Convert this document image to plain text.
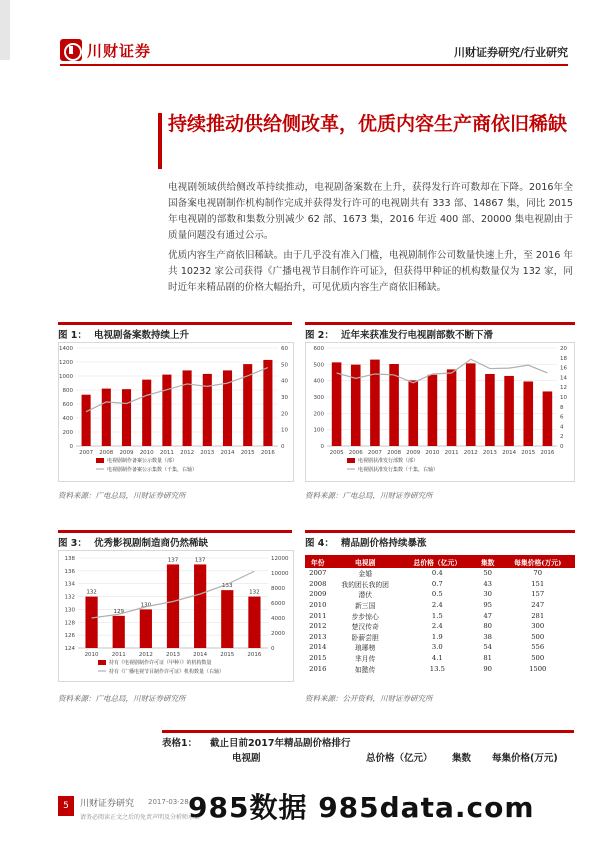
川财证券	川财证券研究/行业研究
持续推动供给侧改革，优质内容生产商依旧稀缺

电视剧领域供给侧改革持续推动，电视剧备案数在上升，获得发行许可数却在下降。2016年全国备案电视剧制作机构制作完成并获得发行许可的电视剧共有 333 部、14867 集，同比 2015 年电视剧的部数和集数分别减少 62 部、1673 集，2016 年近 400 部、20000 集电视剧由于质量问题没有通过公示。

优质内容生产商依旧稀缺。由于几乎没有准入门槛，电视剧制作公司数量快速上升，至 2016 年共 10232 家公司获得《广播电视节目制作许可证》，但获得甲种证的机构数量仅为 132 家，同时近年来精品剧的价格大幅抬升，可见优质内容生产商依旧稀缺。

图 1： 电视剧备案数持续上升
0
200
400
600
800
1000
1200
1400
0
10
20
30
40
50
60
2007 2008 2009 2010 2011 2012 2013 2014 2015 2016
电视剧制作备案公示数量（部）
电视剧制作备案公示集数（千集，右轴）
资料来源：广电总局，川财证券研究所
图 2： 近年来获准发行电视剧部数不断下滑
0
100
200
300
400
500
600
0
2
4
6
8
10
12
14
16
18
20
2005 2006 2007 2008 2009 2010 2011 2012 2013 2014 2015 2016
电视剧获准发行部数（部）
电视剧获准发行集数（千集，右轴）
资料来源：广电总局，川财证券研究所
图 3： 优秀影视剧制造商仍然稀缺
124
126
128
130
132
134
136
138
0
2000
4000
6000
8000
10000
12000
2010
132
2011
129
2012
130
2013
137
2014
137
2015
133
2016
132
持有《电视剧制作许可证（甲种）》的机构数量
持有《广播电视节目制作许可证》机构数量（右轴）
资料来源：广电总局，川财证券研究所
图 4： 精品剧价格持续暴涨
年份	电视剧	总价格（亿元）	集数	每集价格(万元)
2007	金婚	0.4	50	70
2008	我的团长我的团	0.7	43	151
2009	潜伏	0.5	30	157
2010	新三国	2.4	95	247
2011	步步惊心	1.5	47	281
2012	楚汉传奇	2.4	80	300
2013	卧薪尝胆	1.9	38	500
2014	琅琊榜	3.0	54	556
2015	芈月传	4.1	81	500
2016	如懿传	13.5	90	1500
资料来源：公开资料，川财证券研究所
表格1： 截止目前2017年精品剧价格排行
电视剧	总价格（亿元） 集数 每集价格(万元)
5	川财证券研究 2017-03-28
请务必阅读正文之后的免责声明及分析师承诺
985数据 985data.com
